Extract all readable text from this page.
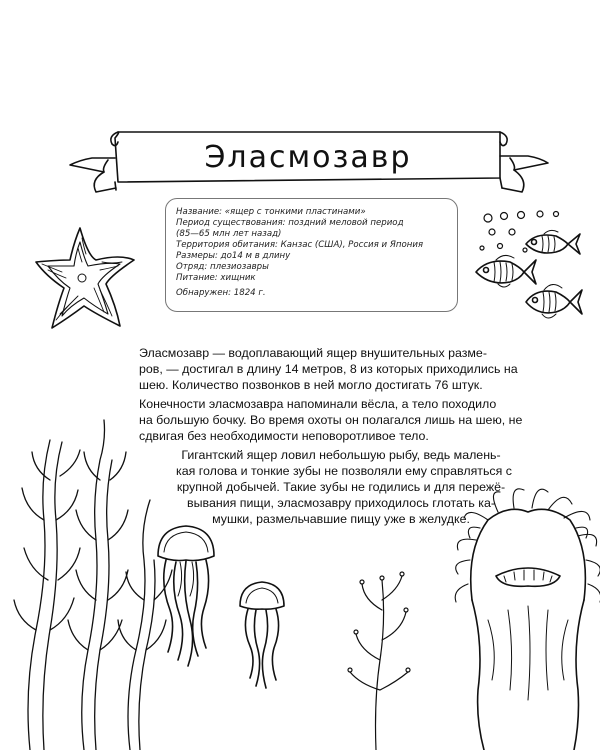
Эласмозавр
Название: «ящер с тонкими пластинами»
Период существования: поздний меловой период
(85—65 млн лет назад)
Территория обитания: Канзас (США), Россия и Япония
Размеры: до14 м в длину
Отряд: плезиозавры
Питание: хищник
Обнаружен: 1824 г.
Эласмозавр — водоплавающий ящер внушительных разме-
ров, — достигал в длину 14 метров, 8 из которых приходились на
шею. Количество позвонков в ней могло достигать 76 штук.
Конечности эласмозавра напоминали вёсла, а тело походило
на большую бочку. Во время охоты он полагался лишь на шею, не
сдвигая без необходимости неповоротливое тело.
Гигантский ящер ловил небольшую рыбу, ведь малень-
кая голова и тонкие зубы не позволяли ему справляться с
крупной добычей. Такие зубы не годились и для пережё-
вывания пищи, эласмозавру приходилось глотать ка-
мушки, размельчавшие пищу уже в желудке.
